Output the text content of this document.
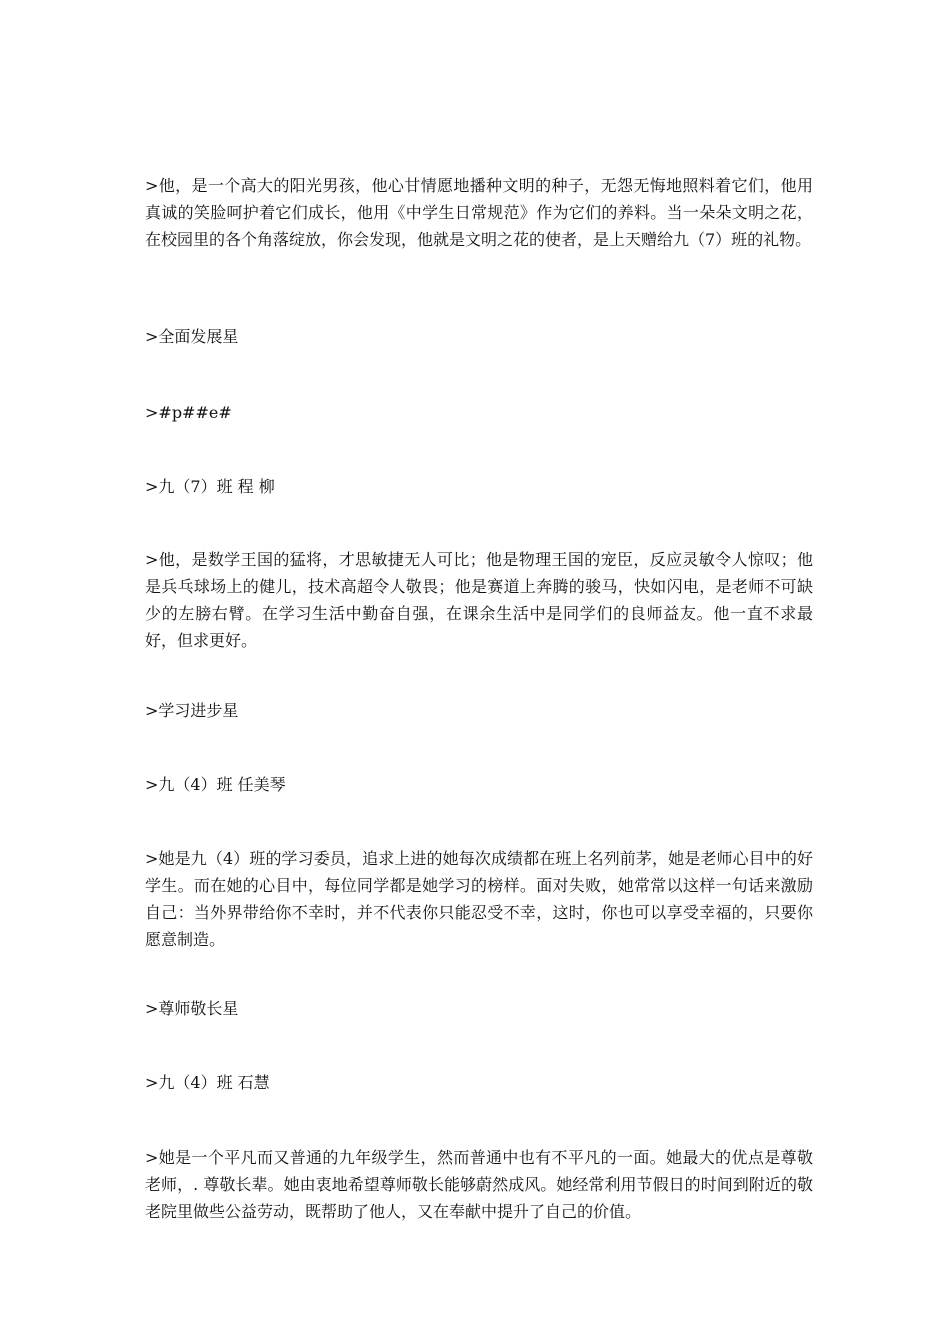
>他，是一个高大的阳光男孩，他心甘情愿地播种文明的种子，无怨无悔地照料着它们，他用真诚的笑脸呵护着它们成长，他用《中学生日常规范》作为它们的养料。当一朵朵文明之花，在校园里的各个角落绽放，你会发现，他就是文明之花的使者，是上天赠给九（7）班的礼物。

>全面发展星

>#p##e#

>九（7）班 程 柳

>他，是数学王国的猛将，才思敏捷无人可比；他是物理王国的宠臣，反应灵敏令人惊叹；他是兵乓球场上的健儿，技术高超令人敬畏；他是赛道上奔腾的骏马，快如闪电，是老师不可缺少的左膀右臂。在学习生活中勤奋自强，在课余生活中是同学们的良师益友。他一直不求最好，但求更好。

>学习进步星

>九（4）班 任美琴

>她是九（4）班的学习委员，追求上进的她每次成绩都在班上名列前茅，她是老师心目中的好学生。而在她的心目中，每位同学都是她学习的榜样。面对失败，她常常以这样一句话来激励自己：当外界带给你不幸时，并不代表你只能忍受不幸，这时，你也可以享受幸福的，只要你愿意制造。

>尊师敬长星

>九（4）班 石慧

>她是一个平凡而又普通的九年级学生，然而普通中也有不平凡的一面。她最大的优点是尊敬老师，. 尊敬长辈。她由衷地希望尊师敬长能够蔚然成风。她经常利用节假日的时间到附近的敬老院里做些公益劳动，既帮助了他人，又在奉献中提升了自己的价值。
